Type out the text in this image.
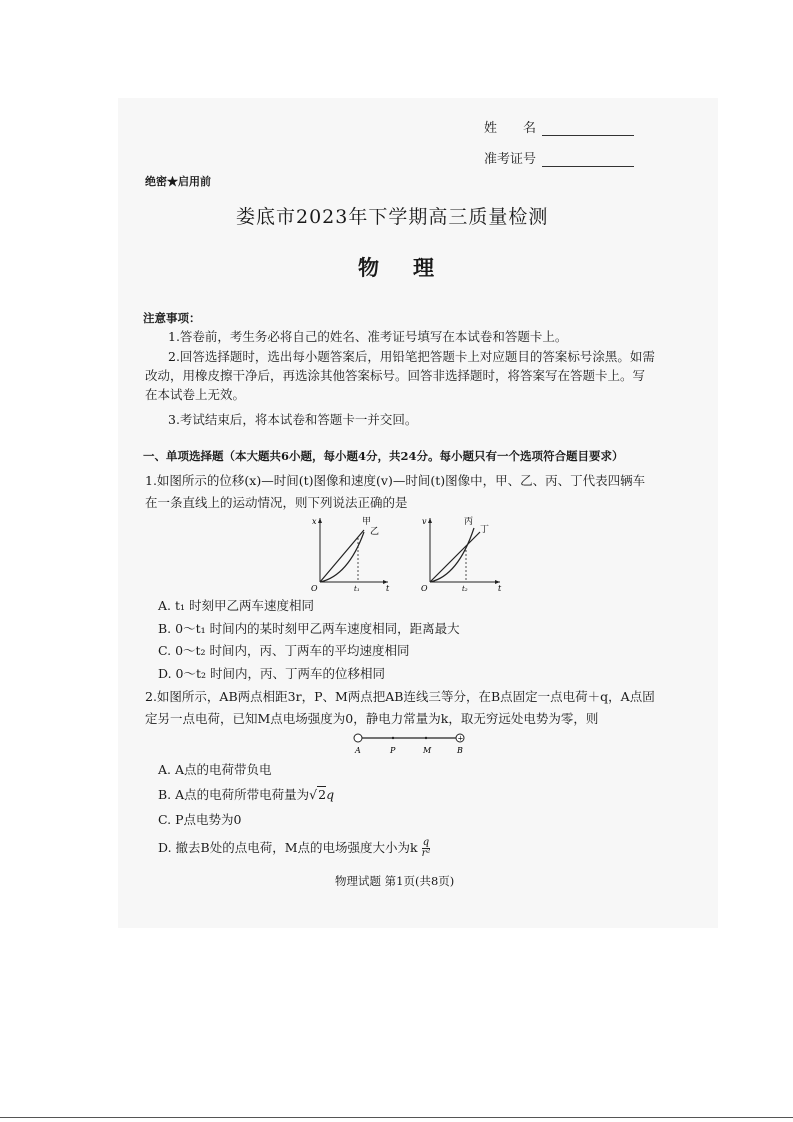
姓　　名
准考证号
绝密★启用前
娄底市2023年下学期高三质量检测
物理
注意事项：
1.答卷前，考生务必将自己的姓名、准考证号填写在本试卷和答题卡上。
2.回答选择题时，选出每小题答案后，用铅笔把答题卡上对应题目的答案标号涂黑。如需改动，用橡皮擦干净后，再选涂其他答案标号。回答非选择题时，将答案写在答题卡上。写在本试卷上无效。
3.考试结束后，将本试卷和答题卡一并交回。
一、单项选择题（本大题共6小题，每小题4分，共24分。每小题只有一个选项符合题目要求）
1.如图所示的位移(x)—时间(t)图像和速度(v)—时间(t)图像中，甲、乙、丙、丁代表四辆车在一条直线上的运动情况，则下列说法正确的是
x
t
O	t₁
甲
乙
v
t
O	t₂
丙
丁
A. t₁ 时刻甲乙两车速度相同
B. 0～t₁ 时间内的某时刻甲乙两车速度相同，距离最大
C. 0～t₂ 时间内，丙、丁两车的平均速度相同
D. 0～t₂ 时间内，丙、丁两车的位移相同
2.如图所示，AB两点相距3r，P、M两点把AB连线三等分，在B点固定一点电荷＋q，A点固定另一点电荷，已知M点电场强度为0，静电力常量为k，取无穷远处电势为零，则
+
A	P	M	B
A. A点的电荷带负电
B. A点的电荷所带电荷量为√2q
C. P点电势为0
D. 撤去B处的点电荷，M点的电场强度大小为k $\frac{q}{\text{r²}}$
物理试题 第1页(共8页)
